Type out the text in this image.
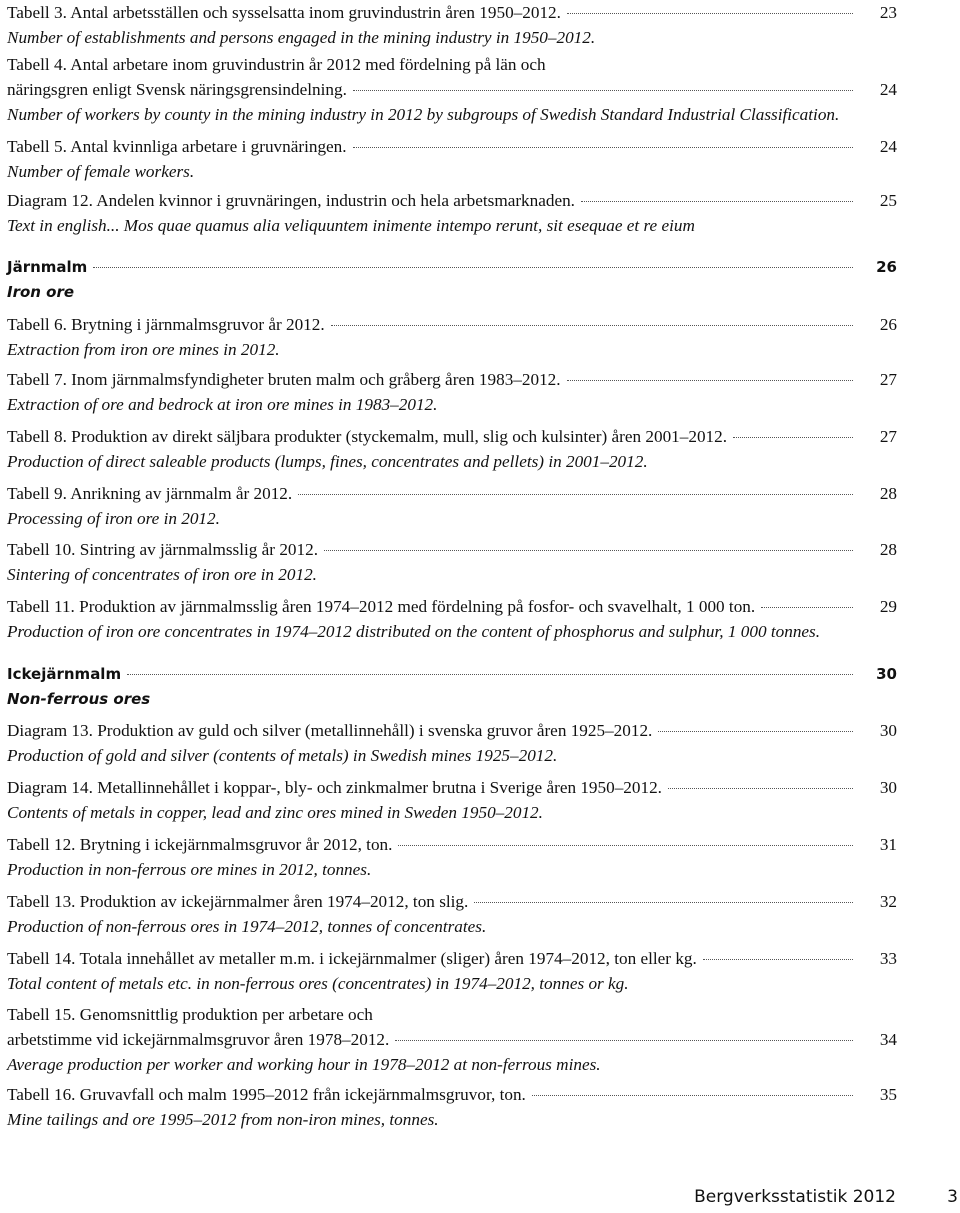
Tabell 3. Antal arbetsställen och sysselsatta inom gruvindustrin åren 1950–2012.	23
Number of establishments and persons engaged in the mining industry in 1950–2012.
Tabell 4. Antal arbetare inom gruvindustrin år 2012 med fördelning på län och
näringsgren enligt Svensk näringsgrensindelning.	24
Number of workers by county in the mining industry in 2012 by subgroups of Swedish Standard Industrial Classification.
Tabell 5. Antal kvinnliga arbetare i gruvnäringen.	24
Number of female workers.
Diagram 12. Andelen kvinnor i gruvnäringen, industrin och hela arbetsmarknaden.	25
Text in english... Mos quae quamus alia veliquuntem inimente intempo rerunt, sit esequae et re eium
Järnmalm	26
Iron ore
Tabell 6. Brytning i järnmalmsgruvor år 2012.	26
Extraction from iron ore mines in 2012.
Tabell 7. Inom järnmalmsfyndigheter bruten malm och gråberg åren 1983–2012.	27
Extraction of ore and bedrock at iron ore mines in 1983–2012.
Tabell 8. Produktion av direkt säljbara produkter (styckemalm, mull, slig och kulsinter) åren 2001–2012.	27
Production of direct saleable products (lumps, fines, concentrates and pellets) in 2001–2012.
Tabell 9. Anrikning av järnmalm år 2012.	28
Processing of iron ore in 2012.
Tabell 10. Sintring av järnmalmsslig år 2012.	28
Sintering of concentrates of iron ore in 2012.
Tabell 11. Produktion av järnmalmsslig åren 1974–2012 med fördelning på fosfor- och svavelhalt, 1 000 ton.	29
Production of iron ore concentrates in 1974–2012 distributed on the content of phosphorus and sulphur, 1 000 tonnes.
Ickejärnmalm	30
Non-ferrous ores
Diagram 13. Produktion av guld och silver (metallinnehåll) i svenska gruvor åren 1925–2012.	30
Production of gold and silver (contents of metals) in Swedish mines 1925–2012.
Diagram 14. Metallinnehållet i koppar-, bly- och zinkmalmer brutna i Sverige åren 1950–2012.	30
Contents of metals in copper, lead and zinc ores mined in Sweden 1950–2012.
Tabell 12. Brytning i ickejärnmalmsgruvor år 2012, ton.	31
Production in non-ferrous ore mines in 2012, tonnes.
Tabell 13. Produktion av ickejärnmalmer åren 1974–2012, ton slig.	32
Production of non-ferrous ores in 1974–2012, tonnes of concentrates.
Tabell 14. Totala innehållet av metaller m.m. i ickejärnmalmer (sliger) åren 1974–2012, ton eller kg.	33
Total content of metals etc. in non-ferrous ores (concentrates) in 1974–2012, tonnes or kg.
Tabell 15. Genomsnittlig produktion per arbetare och
arbetstimme vid ickejärnmalmsgruvor åren 1978–2012.	34
Average production per worker and working hour in 1978–2012 at non-ferrous mines.
Tabell 16. Gruvavfall och malm 1995–2012 från ickejärnmalmsgruvor, ton.	35
Mine tailings and ore 1995–2012 from non-iron mines, tonnes.
Bergverksstatistik 2012	3
